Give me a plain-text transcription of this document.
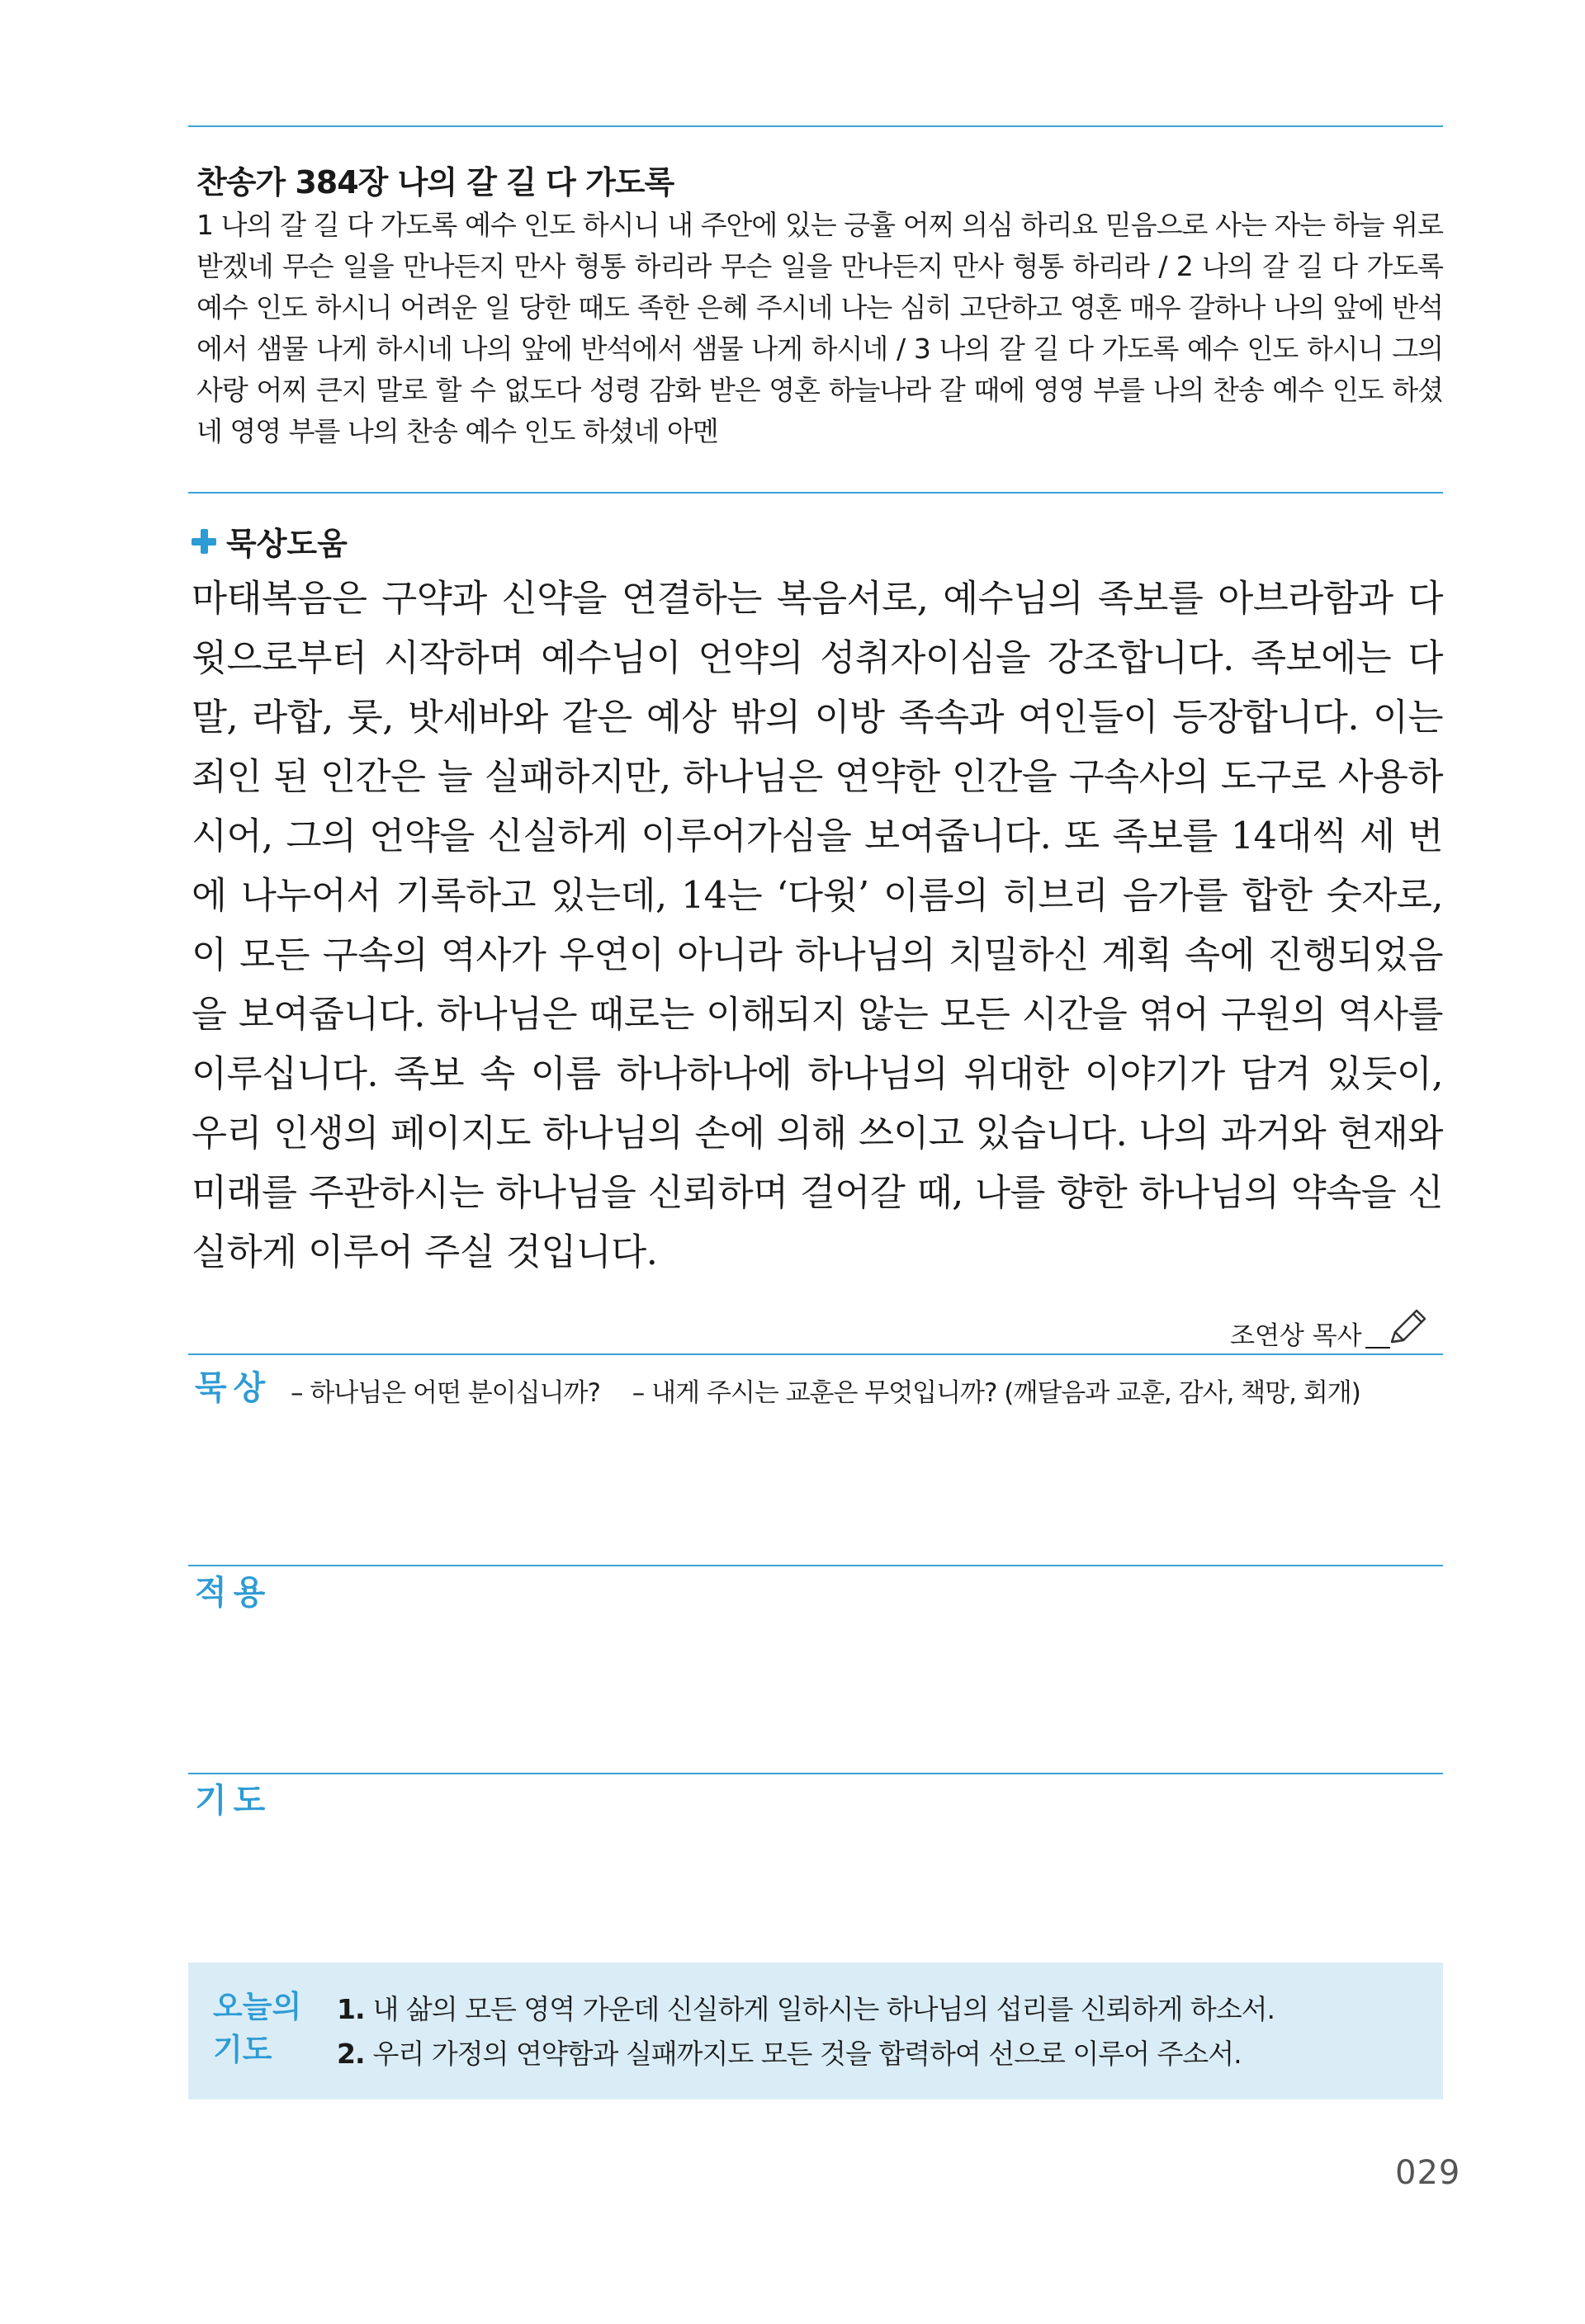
찬송가 384장 나의 갈 길 다 가도록
1 나의 갈 길 다 가도록 예수 인도 하시니 내 주안에 있는 긍휼 어찌 의심 하리요 믿음으로 사는 자는 하늘 위로 받겠네 무슨 일을 만나든지 만사 형통 하리라 무슨 일을 만나든지 만사 형통 하리라 / 2 나의 갈 길 다 가도록 예수 인도 하시니 어려운 일 당한 때도 족한 은혜 주시네 나는 심히 고단하고 영혼 매우 갈하나 나의 앞에 반석에서 샘물 나게 하시네 나의 앞에 반석에서 샘물 나게 하시네 / 3 나의 갈 길 다 가도록 예수 인도 하시니 그의 사랑 어찌 큰지 말로 할 수 없도다 성령 감화 받은 영혼 하늘나라 갈 때에 영영 부를 나의 찬송 예수 인도 하셨네 영영 부를 나의 찬송 예수 인도 하셨네 아멘
묵상도움
마태복음은 구약과 신약을 연결하는 복음서로, 예수님의 족보를 아브라함과 다윗으로부터 시작하며 예수님이 언약의 성취자이심을 강조합니다. 족보에는 다말, 라합, 룻, 밧세바와 같은 예상 밖의 이방 족속과 여인들이 등장합니다. 이는 죄인 된 인간은 늘 실패하지만, 하나님은 연약한 인간을 구속사의 도구로 사용하시어, 그의 언약을 신실하게 이루어가심을 보여줍니다. 또 족보를 14대씩 세 번에 나누어서 기록하고 있는데, 14는 ‘다윗’ 이름의 히브리 음가를 합한 숫자로, 이 모든 구속의 역사가 우연이 아니라 하나님의 치밀하신 계획 속에 진행되었음을 보여줍니다. 하나님은 때로는 이해되지 않는 모든 시간을 엮어 구원의 역사를 이루십니다. 족보 속 이름 하나하나에 하나님의 위대한 이야기가 담겨 있듯이, 우리 인생의 페이지도 하나님의 손에 의해 쓰이고 있습니다. 나의 과거와 현재와 미래를 주관하시는 하나님을 신뢰하며 걸어갈 때, 나를 향한 하나님의 약속을 신실하게 이루어 주실 것입니다.
조연상 목사
묵상 – 하나님은 어떤 분이십니까? – 내게 주시는 교훈은 무엇입니까? (깨달음과 교훈, 감사, 책망, 회개)
적용
기도
오늘의
기도
1. 내 삶의 모든 영역 가운데 신실하게 일하시는 하나님의 섭리를 신뢰하게 하소서.
2. 우리 가정의 연약함과 실패까지도 모든 것을 합력하여 선으로 이루어 주소서.
029
